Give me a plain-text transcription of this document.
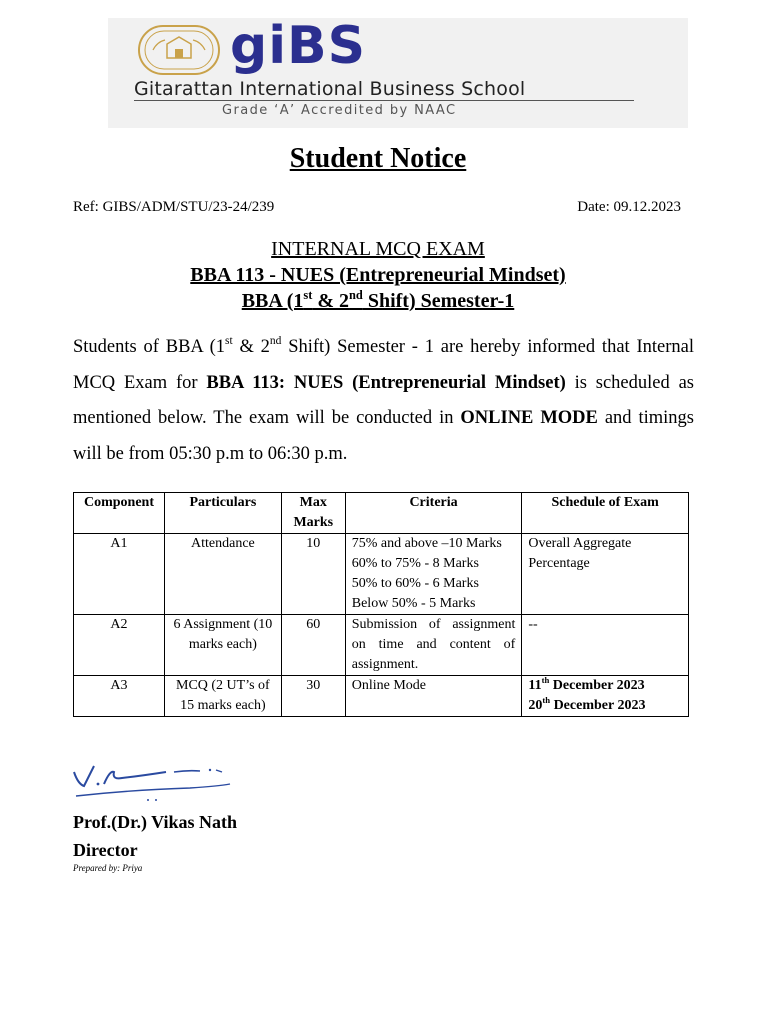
giBS
Gitarattan International Business School
Grade ‘A’ Accredited by NAAC
Student Notice
Ref: GIBS/ADM/STU/23-24/239	Date: 09.12.2023
INTERNAL MCQ EXAM
BBA 113 - NUES (Entrepreneurial Mindset)
BBA (1st & 2nd Shift) Semester-1
Students of BBA (1st & 2nd Shift) Semester - 1 are hereby informed that Internal MCQ Exam for BBA 113: NUES (Entrepreneurial Mindset) is scheduled as mentioned below. The exam will be conducted in ONLINE MODE and timings will be from 05:30 p.m to 06:30 p.m.
Component	Particulars	Max Marks	Criteria	Schedule of Exam
A1	Attendance	10	75% and above –10 Marks
60% to 75% - 8 Marks
50% to 60% - 6 Marks
Below 50% - 5 Marks	Overall Aggregate Percentage
A2	6 Assignment (10 marks each)	60	Submission of assignment on time and content of assignment.	--
A3	MCQ (2 UT’s of 15 marks each)	30	Online Mode	11th December 2023
20th December 2023
Prof.(Dr.) Vikas Nath
Director
Prepared by: Priya
